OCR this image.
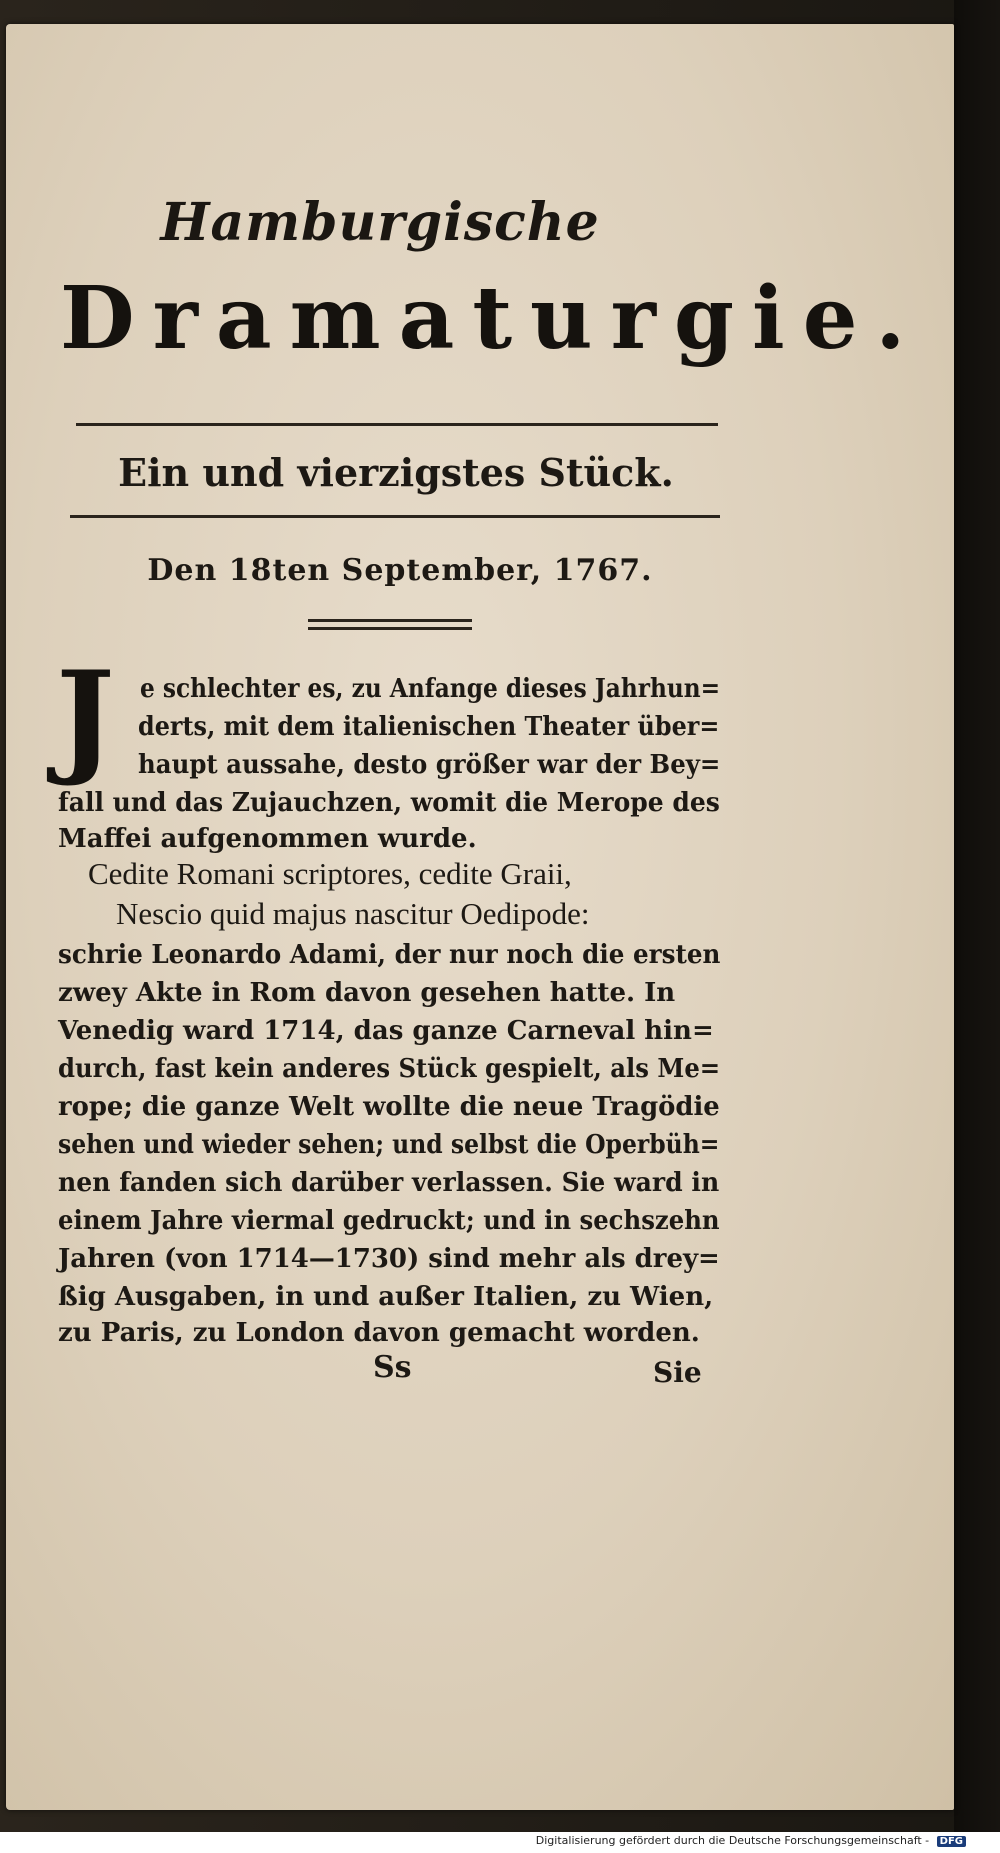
Hamburgische
Dramaturgie.
Ein und vierzigstes Stück.
Den 18ten September, 1767.
J e schlechter es, zu Anfange dieses Jahrhun=
derts, mit dem italienischen Theater über=
haupt aussahe, desto größer war der Bey=
fall und das Zujauchzen, womit die Merope des
Maffei aufgenommen wurde.
Cedite Romani scriptores, cedite Graii,
Nescio quid majus nascitur Oedipode:
schrie Leonardo Adami, der nur noch die ersten
zwey Akte in Rom davon gesehen hatte. In
Venedig ward 1714, das ganze Carneval hin=
durch, fast kein anderes Stück gespielt, als Me=
rope; die ganze Welt wollte die neue Tragödie
sehen und wieder sehen; und selbst die Operbüh=
nen fanden sich darüber verlassen. Sie ward in
einem Jahre viermal gedruckt; und in sechszehn
Jahren (von 1714—1730) sind mehr als drey=
ßig Ausgaben, in und außer Italien, zu Wien,
zu Paris, zu London davon gemacht worden.
Ss	Sie
Digitalisierung gefördert durch die Deutsche Forschungsgemeinschaft - DFG
